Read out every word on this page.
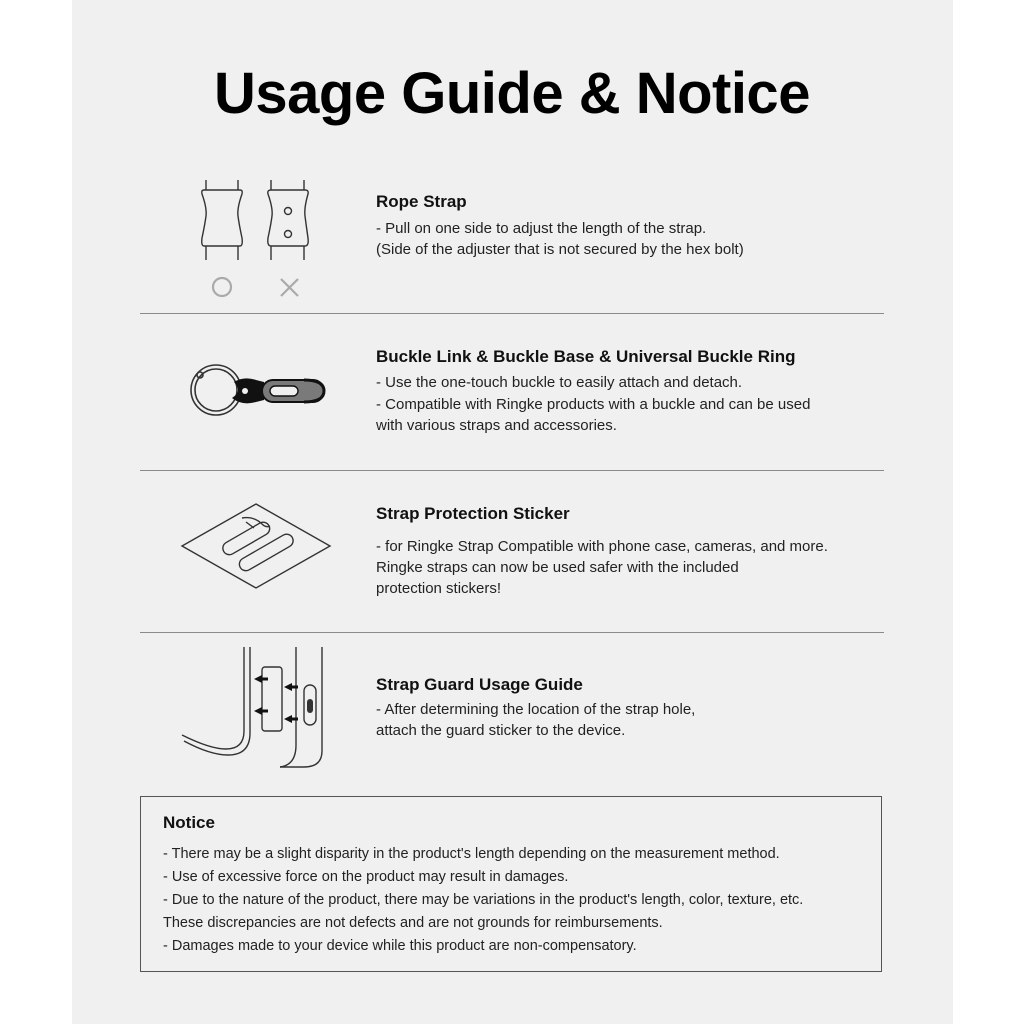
Usage Guide & Notice
Rope Strap
- Pull on one side to adjust the length of the strap.
(Side of the adjuster that is not secured by the hex bolt)
Buckle Link & Buckle Base & Universal Buckle Ring
- Use the one-touch buckle to easily attach and detach.
- Compatible with Ringke products with a buckle and can be used
with various straps and accessories.
Strap Protection Sticker
- for Ringke Strap Compatible with phone case, cameras, and more.
Ringke straps can now be used safer with the included
protection stickers!
Strap Guard Usage Guide
- After determining the location of the strap hole,
attach the guard sticker to the device.
Notice
- There may be a slight disparity in the product's length depending on the measurement method.
- Use of excessive force on the product may result in damages.
- Due to the nature of the product, there may be variations in the product's length, color, texture, etc.
These discrepancies are not defects and are not grounds for reimbursements.
- Damages made to your device while this product are non-compensatory.
